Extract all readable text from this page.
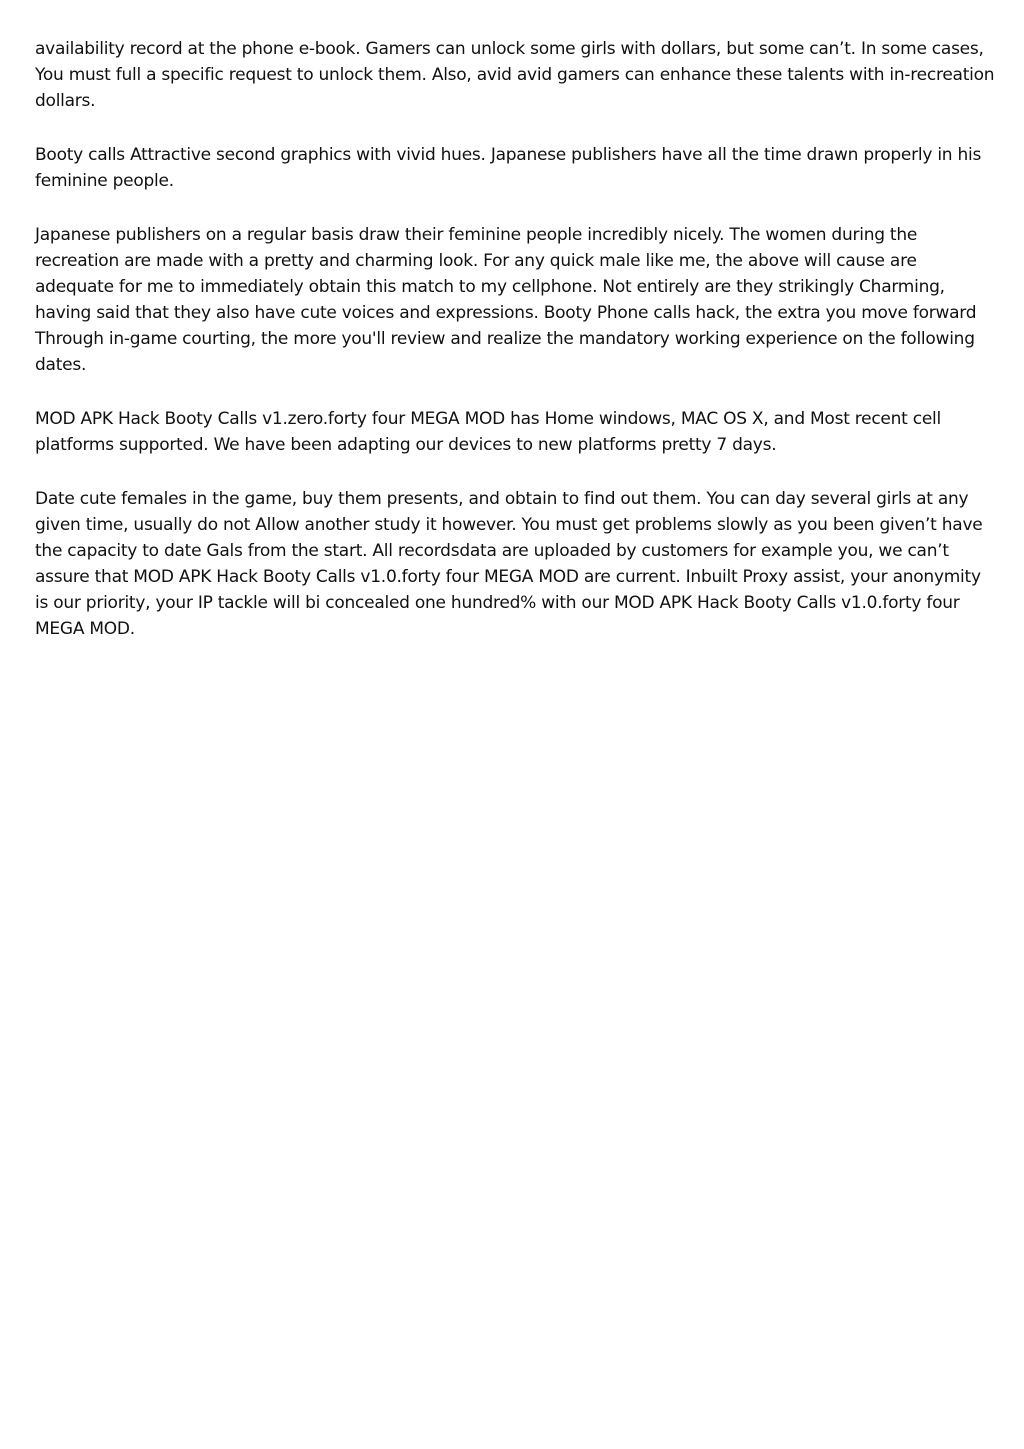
availability record at the phone e-book. Gamers can unlock some girls with dollars, but some can’t. In some cases, You must full a specific request to unlock them. Also, avid avid gamers can enhance these talents with in-recreation dollars.

Booty calls Attractive second graphics with vivid hues. Japanese publishers have all the time drawn properly in his feminine people.

Japanese publishers on a regular basis draw their feminine people incredibly nicely. The women during the recreation are made with a pretty and charming look. For any quick male like me, the above will cause are adequate for me to immediately obtain this match to my cellphone. Not entirely are they strikingly Charming, having said that they also have cute voices and expressions. Booty Phone calls hack, the extra you move forward Through in-game courting, the more you'll review and realize the mandatory working experience on the following dates.

MOD APK Hack Booty Calls v1.zero.forty four MEGA MOD has Home windows, MAC OS X, and Most recent cell platforms supported. We have been adapting our devices to new platforms pretty 7 days.

Date cute females in the game, buy them presents, and obtain to find out them. You can day several girls at any given time, usually do not Allow another study it however. You must get problems slowly as you been given’t have the capacity to date Gals from the start. All recordsdata are uploaded by customers for example you, we can’t assure that MOD APK Hack Booty Calls v1.0.forty four MEGA MOD are current. Inbuilt Proxy assist, your anonymity is our priority, your IP tackle will bi concealed one hundred% with our MOD APK Hack Booty Calls v1.0.forty four MEGA MOD.
